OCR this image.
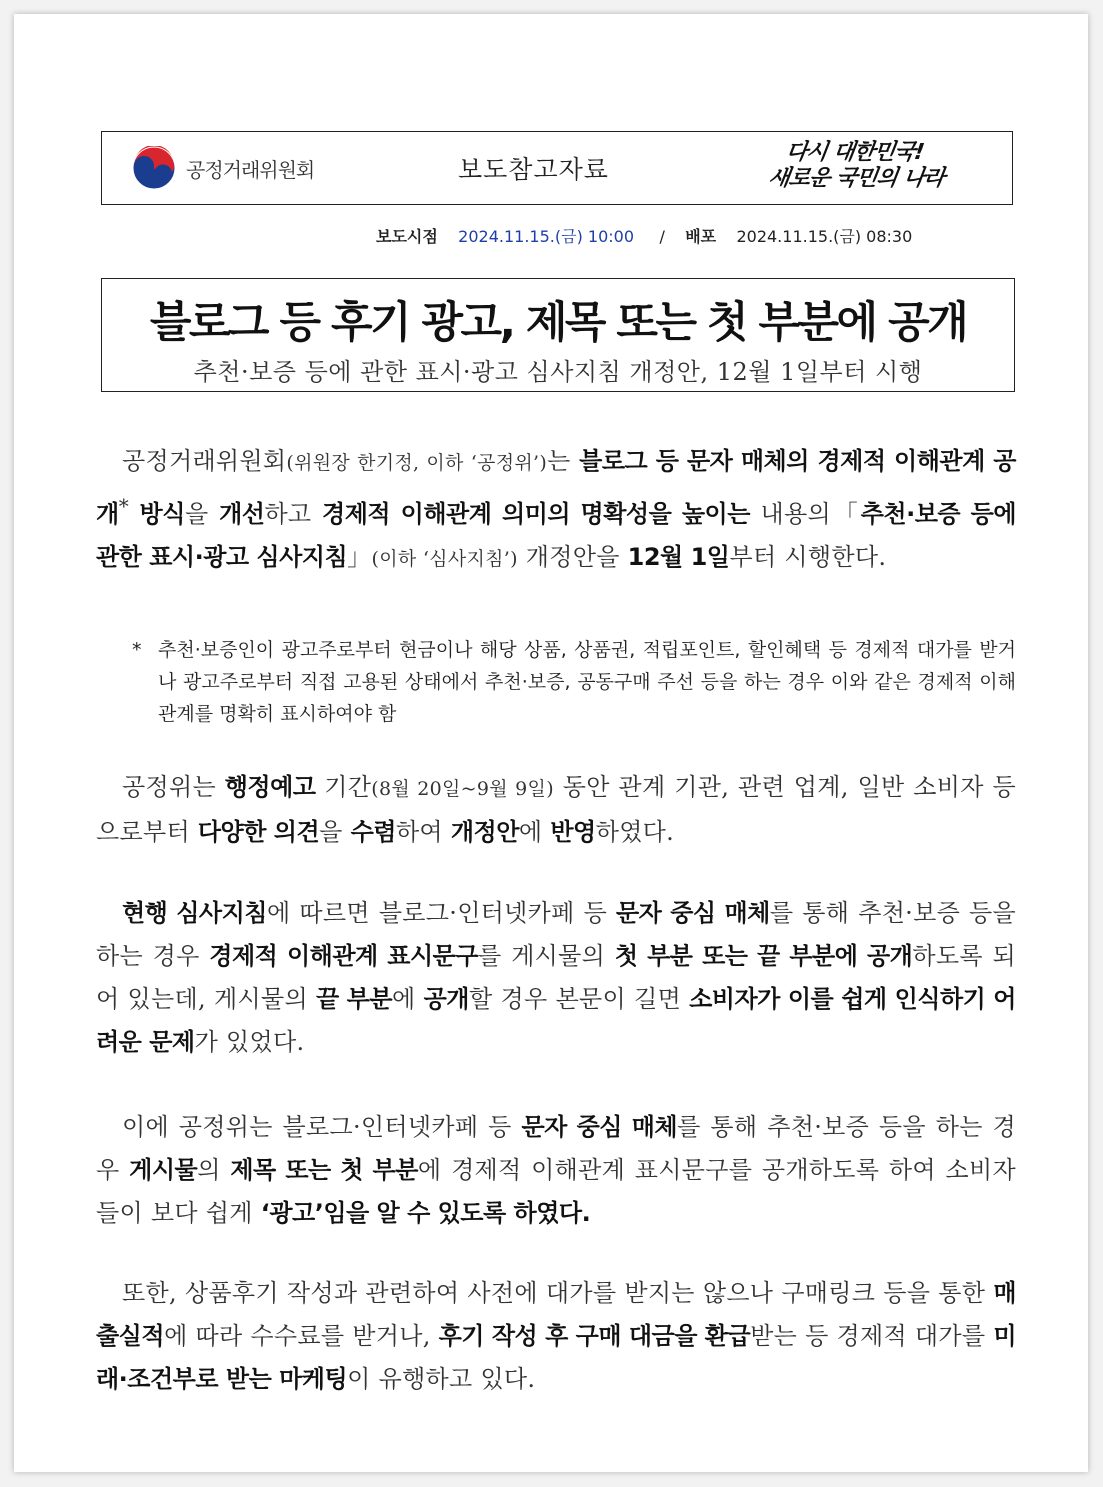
공정거래위원회	보도참고자료
다시 대한민국!
새로운 국민의 나라
보도시점 2024.11.15.(금) 10:00 / 배포 2024.11.15.(금) 08:30
블로그 등 후기 광고, 제목 또는 첫 부분에 공개
추천·보증 등에 관한 표시·광고 심사지침 개정안, 12월 1일부터 시행
공정거래위원회(위원장 한기정, 이하 ‘공정위’)는 블로그 등 문자 매체의 경제적 이해관계 공개* 방식을 개선하고 경제적 이해관계 의미의 명확성을 높이는 내용의「추천·보증 등에 관한 표시·광고 심사지침」(이하 ‘심사지침’) 개정안을 12월 1일부터 시행한다.
* 추천·보증인이 광고주로부터 현금이나 해당 상품, 상품권, 적립포인트, 할인혜택 등 경제적 대가를 받거나 광고주로부터 직접 고용된 상태에서 추천·보증, 공동구매 주선 등을 하는 경우 이와 같은 경제적 이해관계를 명확히 표시하여야 함
공정위는 행정예고 기간(8월 20일~9월 9일) 동안 관계 기관, 관련 업계, 일반 소비자 등으로부터 다양한 의견을 수렴하여 개정안에 반영하였다.
현행 심사지침에 따르면 블로그·인터넷카페 등 문자 중심 매체를 통해 추천·보증 등을 하는 경우 경제적 이해관계 표시문구를 게시물의 첫 부분 또는 끝 부분에 공개하도록 되어 있는데, 게시물의 끝 부분에 공개할 경우 본문이 길면 소비자가 이를 쉽게 인식하기 어려운 문제가 있었다.
이에 공정위는 블로그·인터넷카페 등 문자 중심 매체를 통해 추천·보증 등을 하는 경우 게시물의 제목 또는 첫 부분에 경제적 이해관계 표시문구를 공개하도록 하여 소비자들이 보다 쉽게 ‘광고’임을 알 수 있도록 하였다.
또한, 상품후기 작성과 관련하여 사전에 대가를 받지는 않으나 구매링크 등을 통한 매출실적에 따라 수수료를 받거나, 후기 작성 후 구매 대금을 환급받는 등 경제적 대가를 미래·조건부로 받는 마케팅이 유행하고 있다.
